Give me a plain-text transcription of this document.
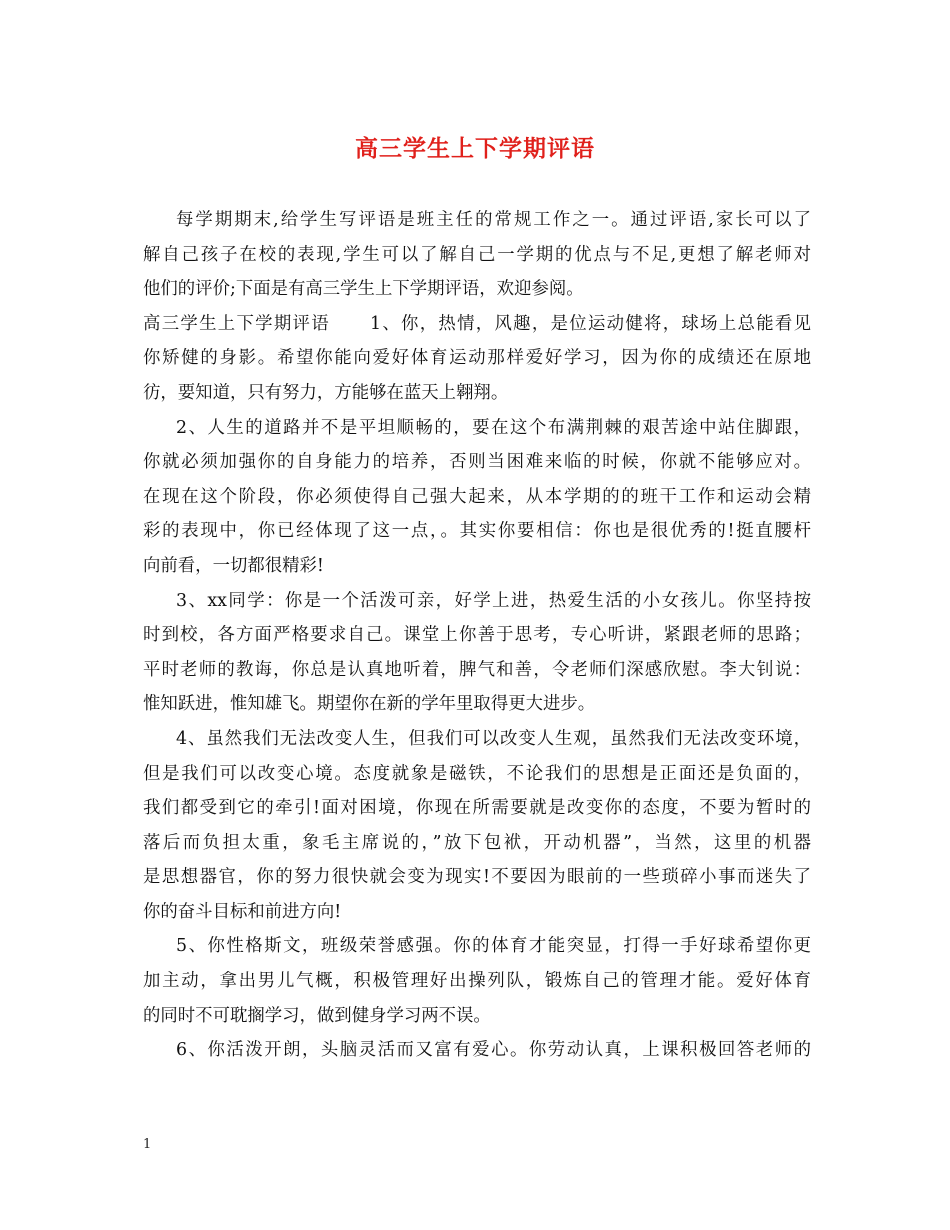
高三学生上下学期评语
每学期期末,给学生写评语是班主任的常规工作之一。通过评语,家长可以了
解自己孩子在校的表现,学生可以了解自己一学期的优点与不足,更想了解老师对
他们的评价;下面是有高三学生上下学期评语，欢迎参阅。
高三学生上下学期评语 1、你，热情，风趣，是位运动健将，球场上总能看见
你矫健的身影。希望你能向爱好体育运动那样爱好学习，因为你的成绩还在原地
彷，要知道，只有努力，方能够在蓝天上翱翔。
2、人生的道路并不是平坦顺畅的，要在这个布满荆棘的艰苦途中站住脚跟，
你就必须加强你的自身能力的培养，否则当困难来临的时候，你就不能够应对。
在现在这个阶段，你必须使得自己强大起来，从本学期的的班干工作和运动会精
彩的表现中，你已经体现了这一点，。其实你要相信：你也是很优秀的!挺直腰杆
向前看，一切都很精彩!
3、xx同学：你是一个活泼可亲，好学上进，热爱生活的小女孩儿。你坚持按
时到校，各方面严格要求自己。课堂上你善于思考，专心听讲，紧跟老师的思路；
平时老师的教诲，你总是认真地听着，脾气和善，令老师们深感欣慰。李大钊说：
惟知跃进，惟知雄飞。期望你在新的学年里取得更大进步。
4、虽然我们无法改变人生，但我们可以改变人生观，虽然我们无法改变环境，
但是我们可以改变心境。态度就象是磁铁，不论我们的思想是正面还是负面的，
我们都受到它的牵引!面对困境，你现在所需要就是改变你的态度，不要为暂时的
落后而负担太重，象毛主席说的，”放下包袱，开动机器”，当然，这里的机器
是思想器官，你的努力很快就会变为现实!不要因为眼前的一些琐碎小事而迷失了
你的奋斗目标和前进方向!
5、你性格斯文，班级荣誉感强。你的体育才能突显，打得一手好球希望你更
加主动，拿出男儿气概，积极管理好出操列队，锻炼自己的管理才能。爱好体育
的同时不可耽搁学习，做到健身学习两不误。
6、你活泼开朗，头脑灵活而又富有爱心。你劳动认真，上课积极回答老师的
1
